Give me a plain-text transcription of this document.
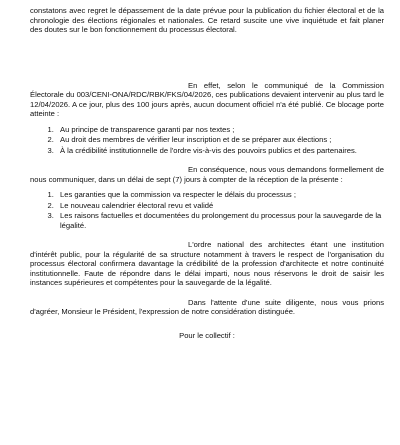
constatons avec regret le dépassement de la date prévue pour la publication du fichier électoral et de la chronologie des élections régionales et nationales. Ce retard suscite une vive inquiétude et fait planer des doutes sur le bon fonctionnement du processus électoral.

En effet, selon le communiqué de la Commission Électorale du 003/CENI-ONA/RDC/RBK/FKS/04/2026, ces publications devaient intervenir au plus tard le 12/04/2026. A ce jour, plus des 100 jours après, aucun document officiel n'a été publié. Ce blocage porte atteinte :

1. Au principe de transparence garanti par nos textes ;
2. Au droit des membres de vérifier leur inscription et de se préparer aux élections ;
3. À la crédibilité institutionnelle de l'ordre vis-à-vis des pouvoirs publics et des partenaires.

En conséquence, nous vous demandons formellement de nous communiquer, dans un délai de sept (7) jours à compter de la réception de la présente :

1. Les garanties que la commission va respecter le délais du processus ;
2. Le nouveau calendrier électoral revu et validé
3. Les raisons factuelles et documentées du prolongement du processus pour la sauvegarde de la légalité.

L'ordre national des architectes étant une institution d'intérêt public, pour la régularité de sa structure notamment à travers le respect de l'organisation du processus électoral confirmera davantage la crédibilité de la profession d'architecte et notre continuité institutionnelle. Faute de répondre dans le délai imparti, nous nous réservons le droit de saisir les instances supérieures et compétentes pour la sauvegarde de la légalité.

Dans l'attente d'une suite diligente, nous vous prions d'agréer, Monsieur le Président, l'expression de notre considération distinguée.

Pour le collectif :
